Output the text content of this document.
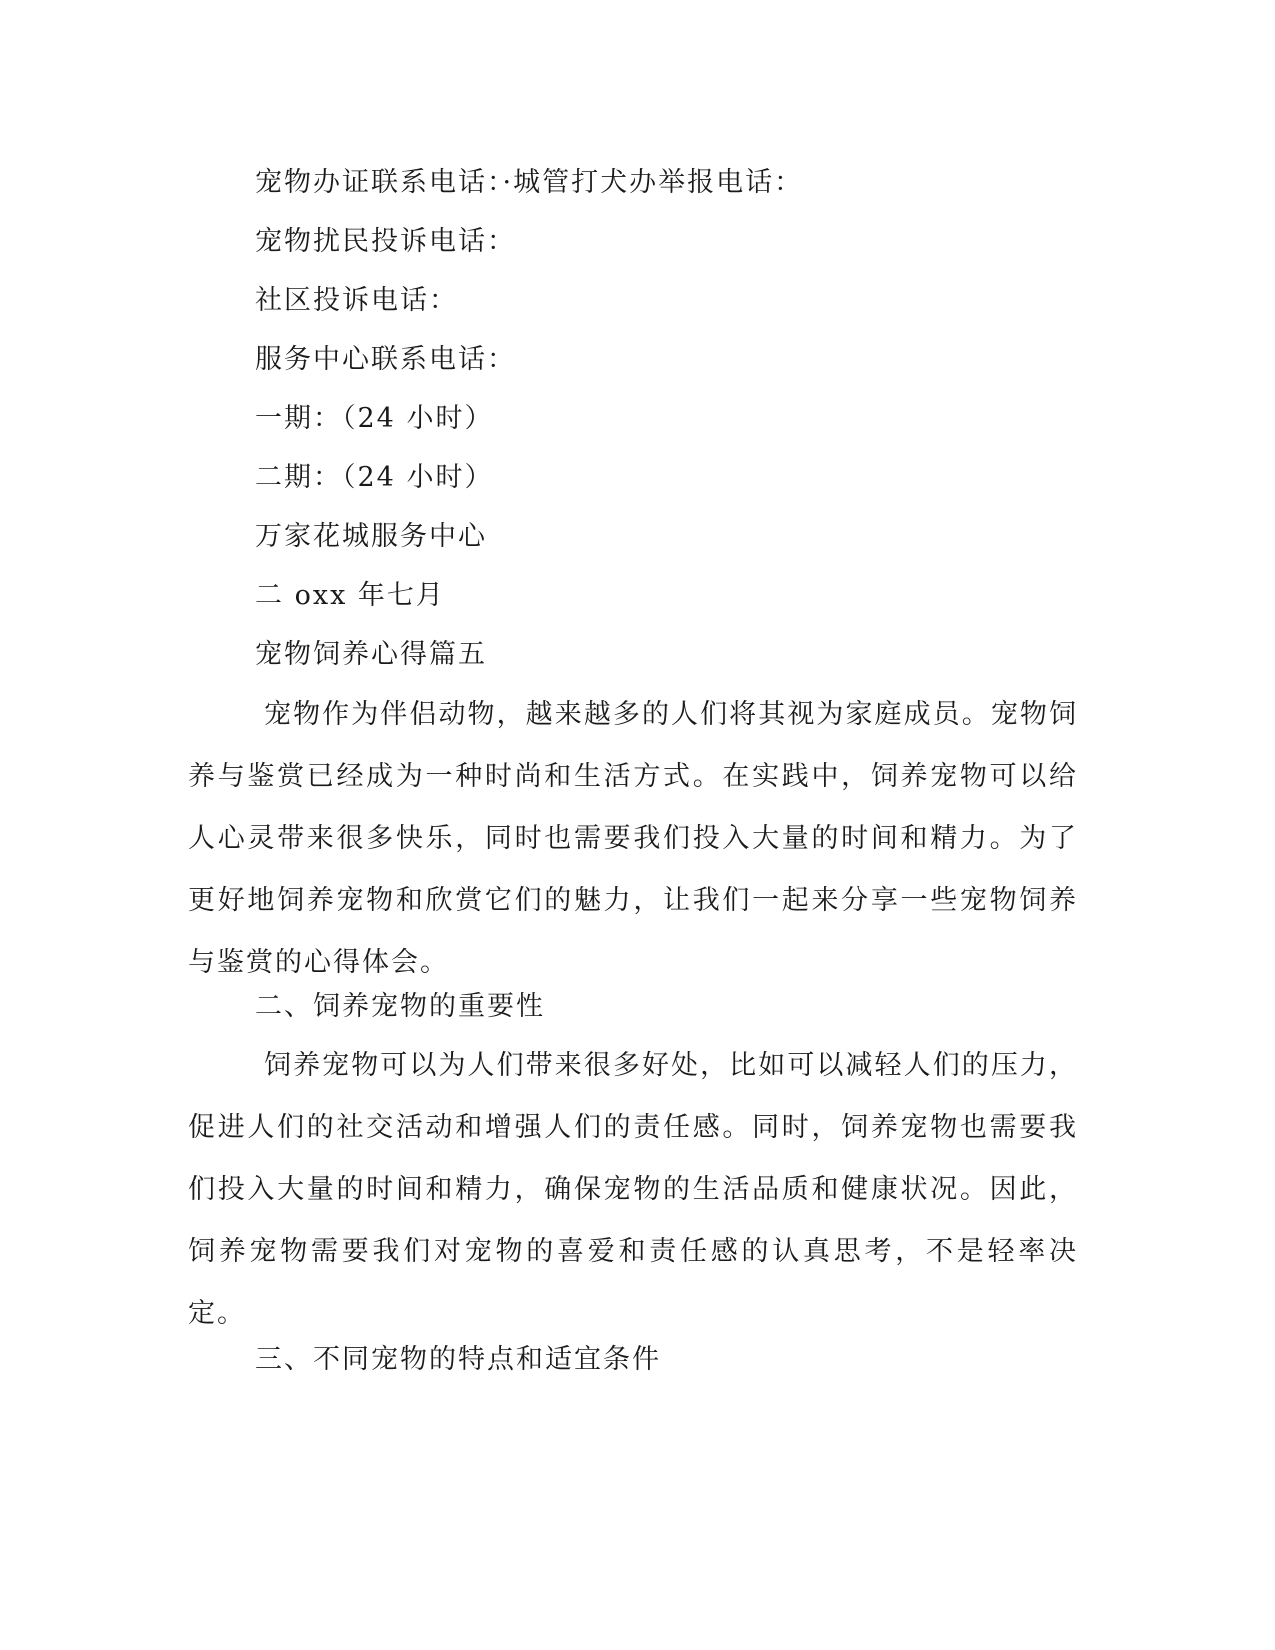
宠物办证联系电话：·城管打犬办举报电话：
宠物扰民投诉电话：
社区投诉电话：
服务中心联系电话：
一期：（24 小时）
二期：（24 小时）
万家花城服务中心
二 oxx 年七月
宠物饲养心得篇五

宠物作为伴侣动物，越来越多的人们将其视为家庭成员。宠物饲养与鉴赏已经成为一种时尚和生活方式。在实践中，饲养宠物可以给人心灵带来很多快乐，同时也需要我们投入大量的时间和精力。为了更好地饲养宠物和欣赏它们的魅力，让我们一起来分享一些宠物饲养与鉴赏的心得体会。

二、饲养宠物的重要性

饲养宠物可以为人们带来很多好处，比如可以减轻人们的压力，促进人们的社交活动和增强人们的责任感。同时，饲养宠物也需要我们投入大量的时间和精力，确保宠物的生活品质和健康状况。因此，饲养宠物需要我们对宠物的喜爱和责任感的认真思考，不是轻率决定。

三、不同宠物的特点和适宜条件
